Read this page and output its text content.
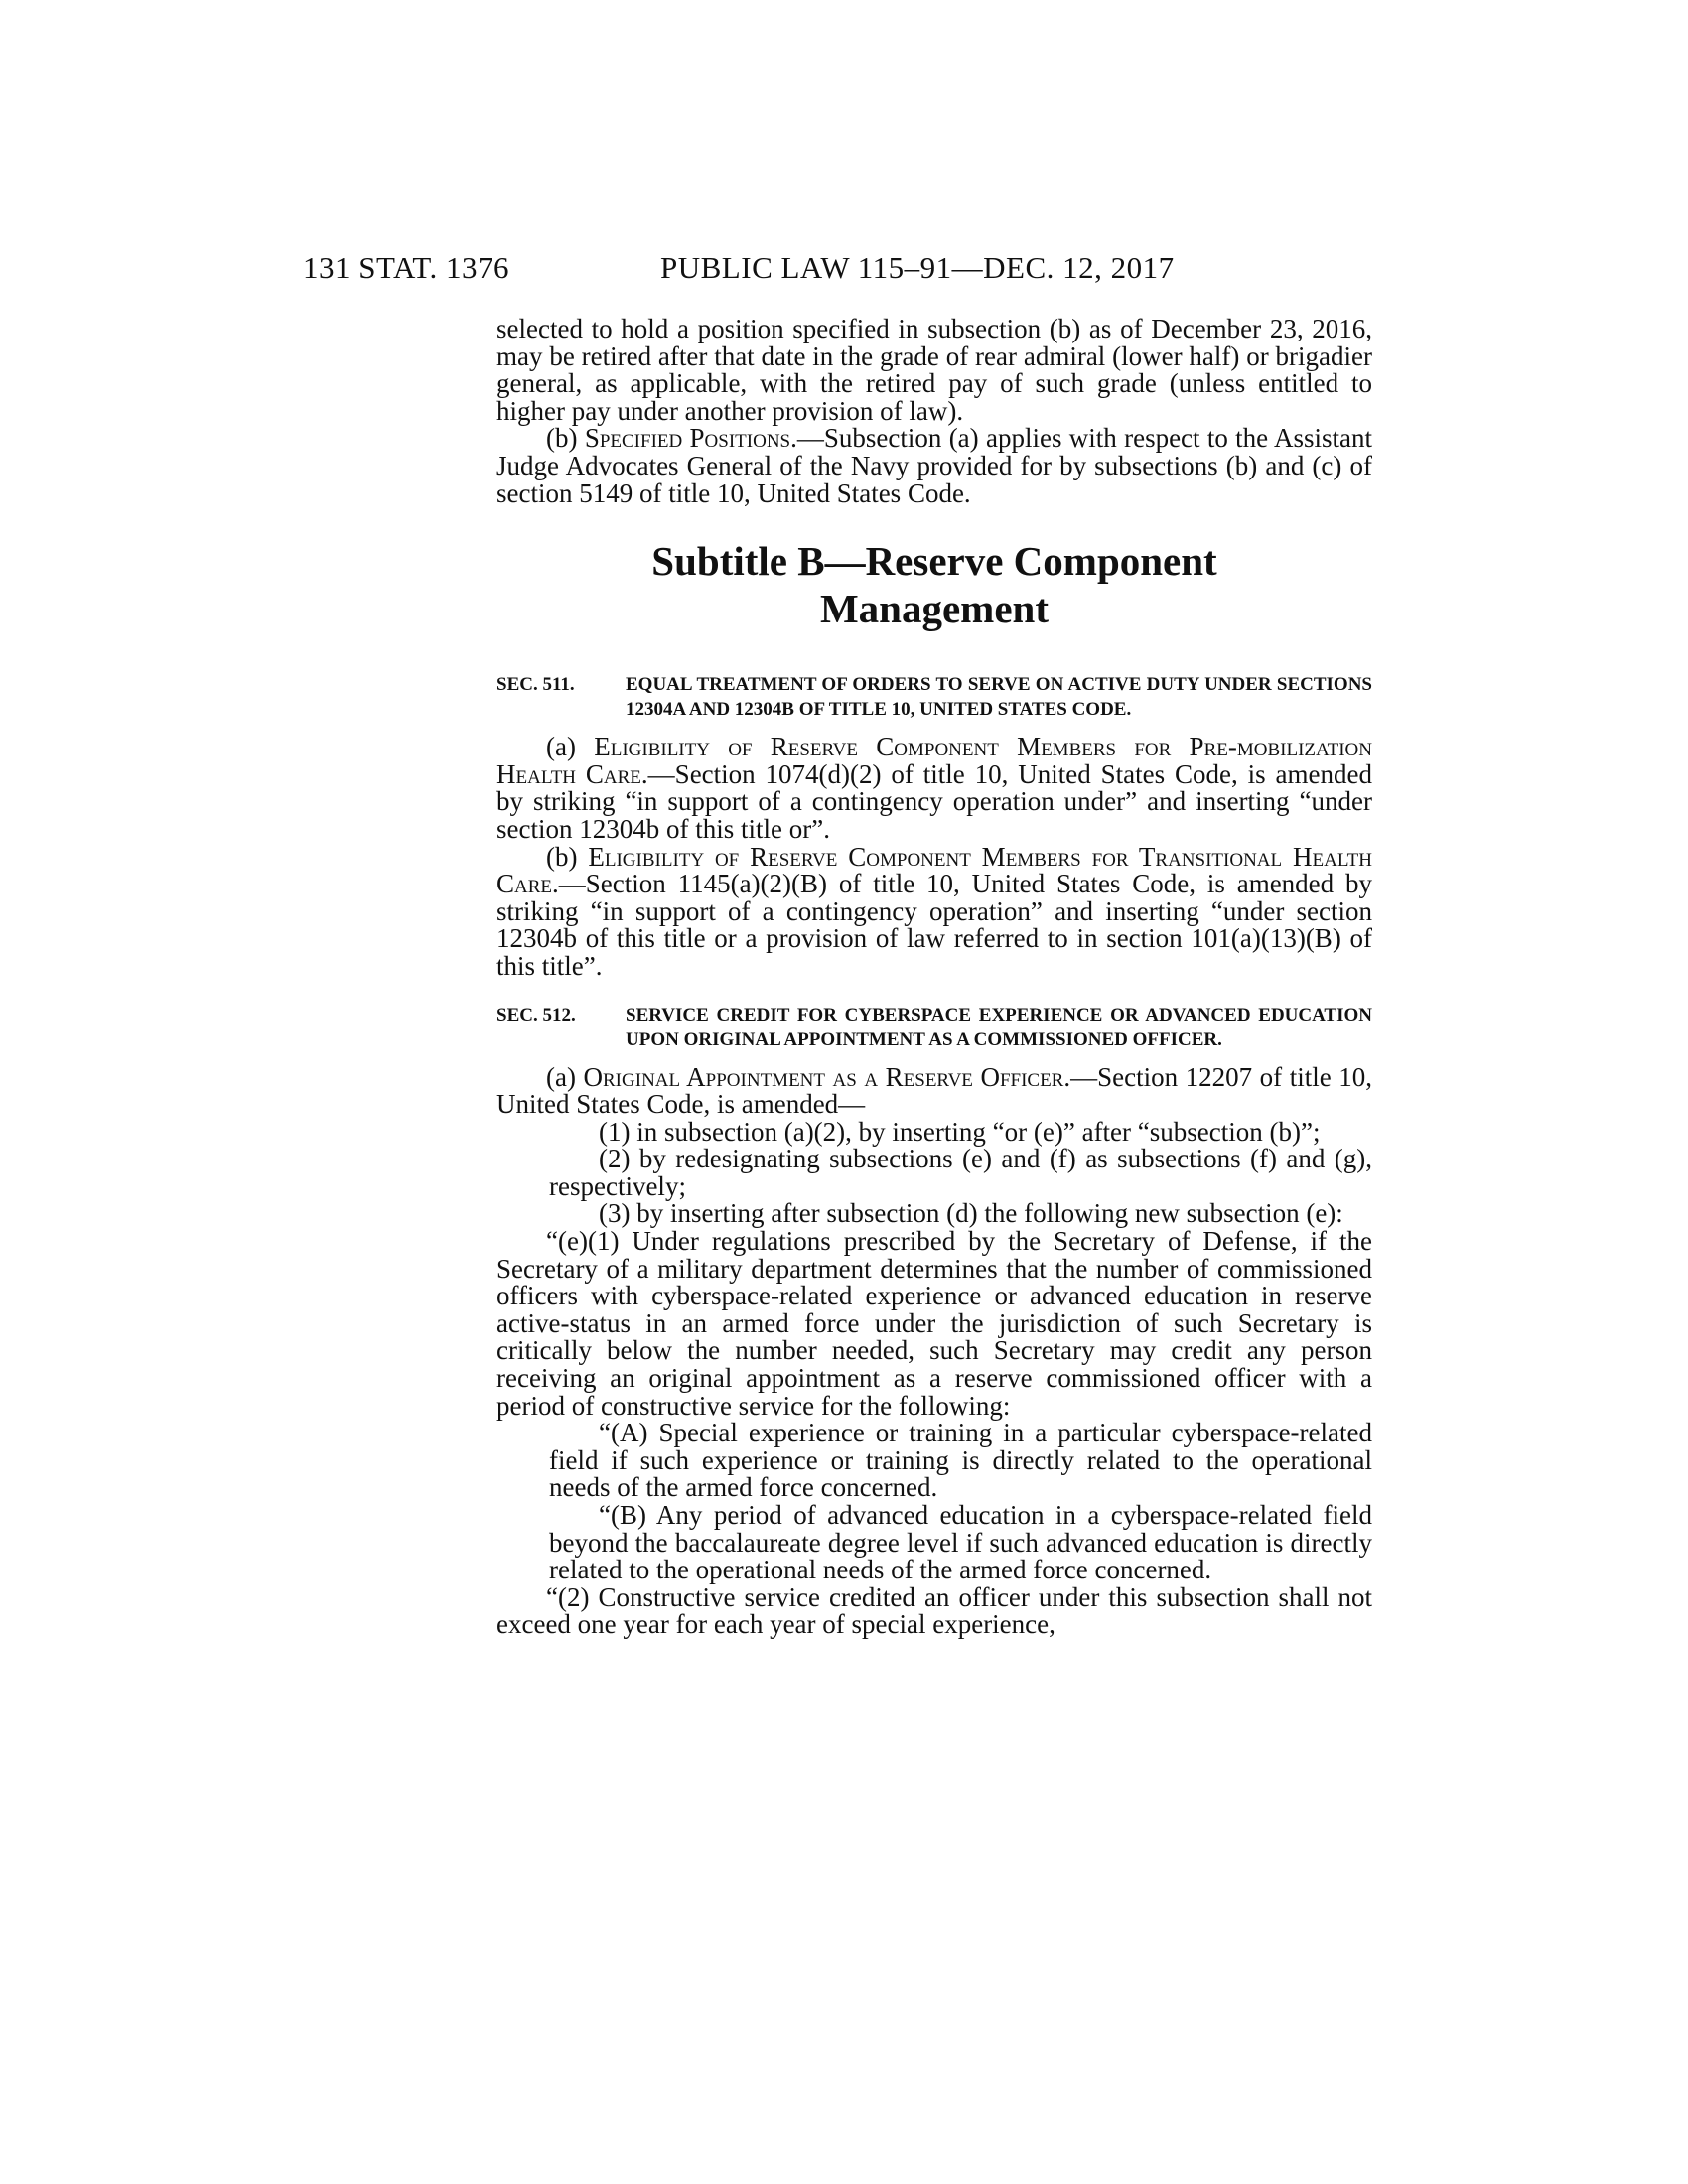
131 STAT. 1376	PUBLIC LAW 115–91—DEC. 12, 2017

selected to hold a position specified in subsection (b) as of December 23, 2016, may be retired after that date in the grade of rear admiral (lower half) or brigadier general, as applicable, with the retired pay of such grade (unless entitled to higher pay under another provision of law).

(b) Specified Positions.—Subsection (a) applies with respect to the Assistant Judge Advocates General of the Navy provided for by subsections (b) and (c) of section 5149 of title 10, United States Code.

Subtitle B—Reserve Component
Management
SEC. 511.	EQUAL TREATMENT OF ORDERS TO SERVE ON ACTIVE DUTY UNDER SECTIONS 12304A AND 12304B OF TITLE 10, UNITED STATES CODE.

(a) Eligibility of Reserve Component Members for Pre-mobilization Health Care.—Section 1074(d)(2) of title 10, United States Code, is amended by striking “in support of a contingency operation under” and inserting “under section 12304b of this title or”.

(b) Eligibility of Reserve Component Members for Transitional Health Care.—Section 1145(a)(2)(B) of title 10, United States Code, is amended by striking “in support of a contingency operation” and inserting “under section 12304b of this title or a provision of law referred to in section 101(a)(13)(B) of this title”.

SEC. 512.	SERVICE CREDIT FOR CYBERSPACE EXPERIENCE OR ADVANCED EDUCATION UPON ORIGINAL APPOINTMENT AS A COMMISSIONED OFFICER.

(a) Original Appointment as a Reserve Officer.—Section 12207 of title 10, United States Code, is amended—

(1) in subsection (a)(2), by inserting “or (e)” after “subsection (b)”;

(2) by redesignating subsections (e) and (f) as subsections (f) and (g), respectively;

(3) by inserting after subsection (d) the following new subsection (e):

“(e)(1) Under regulations prescribed by the Secretary of Defense, if the Secretary of a military department determines that the number of commissioned officers with cyberspace-related experience or advanced education in reserve active-status in an armed force under the jurisdiction of such Secretary is critically below the number needed, such Secretary may credit any person receiving an original appointment as a reserve commissioned officer with a period of constructive service for the following:

“(A) Special experience or training in a particular cyberspace-related field if such experience or training is directly related to the operational needs of the armed force concerned.

“(B) Any period of advanced education in a cyberspace-related field beyond the baccalaureate degree level if such advanced education is directly related to the operational needs of the armed force concerned.

“(2) Constructive service credited an officer under this subsection shall not exceed one year for each year of special experience,
